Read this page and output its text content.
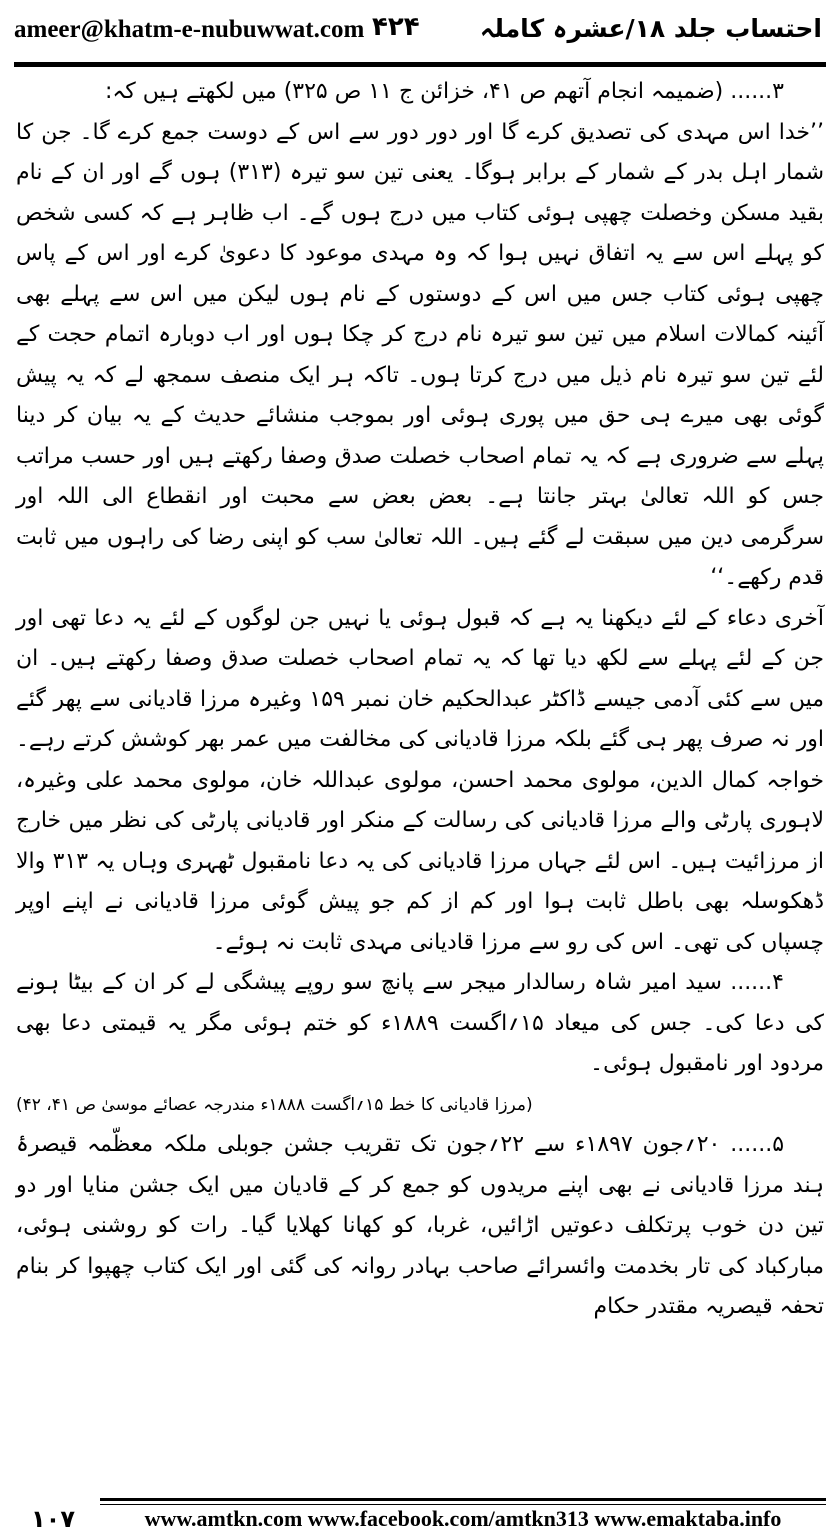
ameer@khatm-e-nubuwwat.com ۴۲۴ احتساب جلد ۱۸/عشرہ کاملہ

۳...... (ضمیمہ انجام آتھم ص ۴۱، خزائن ج ۱۱ ص ۳۲۵) میں لکھتے ہیں کہ:

’’خدا اس مہدی کی تصدیق کرے گا اور دور دور سے اس کے دوست جمع کرے گا۔ جن کا شمار اہل بدر کے شمار کے برابر ہوگا۔ یعنی تین سو تیرہ (۳۱۳) ہوں گے اور ان کے نام بقید مسکن وخصلت چھپی ہوئی کتاب میں درج ہوں گے۔ اب ظاہر ہے کہ کسی شخص کو پہلے اس سے یہ اتفاق نہیں ہوا کہ وہ مہدی موعود کا دعویٰ کرے اور اس کے پاس چھپی ہوئی کتاب جس میں اس کے دوستوں کے نام ہوں لیکن میں اس سے پہلے بھی آئینہ کمالات اسلام میں تین سو تیرہ نام درج کر چکا ہوں اور اب دوبارہ اتمام حجت کے لئے تین سو تیرہ نام ذیل میں درج کرتا ہوں۔ تاکہ ہر ایک منصف سمجھ لے کہ یہ پیش گوئی بھی میرے ہی حق میں پوری ہوئی اور بموجب منشائے حدیث کے یہ بیان کر دینا پہلے سے ضروری ہے کہ یہ تمام اصحاب خصلت صدق وصفا رکھتے ہیں اور حسب مراتب جس کو اللہ تعالیٰ بہتر جانتا ہے۔ بعض بعض سے محبت اور انقطاع الی اللہ اور سرگرمی دین میں سبقت لے گئے ہیں۔ اللہ تعالیٰ سب کو اپنی رضا کی راہوں میں ثابت قدم رکھے۔‘‘

آخری دعاء کے لئے دیکھنا یہ ہے کہ قبول ہوئی یا نہیں جن لوگوں کے لئے یہ دعا تھی اور جن کے لئے پہلے سے لکھ دیا تھا کہ یہ تمام اصحاب خصلت صدق وصفا رکھتے ہیں۔ ان میں سے کئی آدمی جیسے ڈاکٹر عبدالحکیم خان نمبر ۱۵۹ وغیرہ مرزا قادیانی سے پھر گئے اور نہ صرف پھر ہی گئے بلکہ مرزا قادیانی کی مخالفت میں عمر بھر کوشش کرتے رہے۔ خواجہ کمال الدین، مولوی محمد احسن، مولوی عبداللہ خان، مولوی محمد علی وغیرہ، لاہوری پارٹی والے مرزا قادیانی کی رسالت کے منکر اور قادیانی پارٹی کی نظر میں خارج از مرزائیت ہیں۔ اس لئے جہاں مرزا قادیانی کی یہ دعا نامقبول ٹھہری وہاں یہ ۳۱۳ والا ڈھکوسلہ بھی باطل ثابت ہوا اور کم از کم جو پیش گوئی مرزا قادیانی نے اپنے اوپر چسپاں کی تھی۔ اس کی رو سے مرزا قادیانی مہدی ثابت نہ ہوئے۔

۴...... سید امیر شاہ رسالدار میجر سے پانچ سو روپے پیشگی لے کر ان کے بیٹا ہونے کی دعا کی۔ جس کی میعاد ۱۵؍اگست ۱۸۸۹ء کو ختم ہوئی مگر یہ قیمتی دعا بھی مردود اور نامقبول ہوئی۔

(مرزا قادیانی کا خط ۱۵؍اگست ۱۸۸۸ء مندرجہ عصائے موسیٰ ص ۴۱، ۴۲)

۵...... ۲۰؍جون ۱۸۹۷ء سے ۲۲؍جون تک تقریب جشن جوبلی ملکہ معظّمہ قیصرۂ ہند مرزا قادیانی نے بھی اپنے مریدوں کو جمع کر کے قادیان میں ایک جشن منایا اور دو تین دن خوب پرتکلف دعوتیں اڑائیں، غربا، کو کھانا کھلایا گیا۔ رات کو روشنی ہوئی، مبارکباد کی تار بخدمت وائسرائے صاحب بہادر روانہ کی گئی اور ایک کتاب چھپوا کر بنام تحفہ قیصریہ مقتدر حکام

۱۰۷	www.amtkn.com www.facebook.com/amtkn313 www.emaktaba.info
